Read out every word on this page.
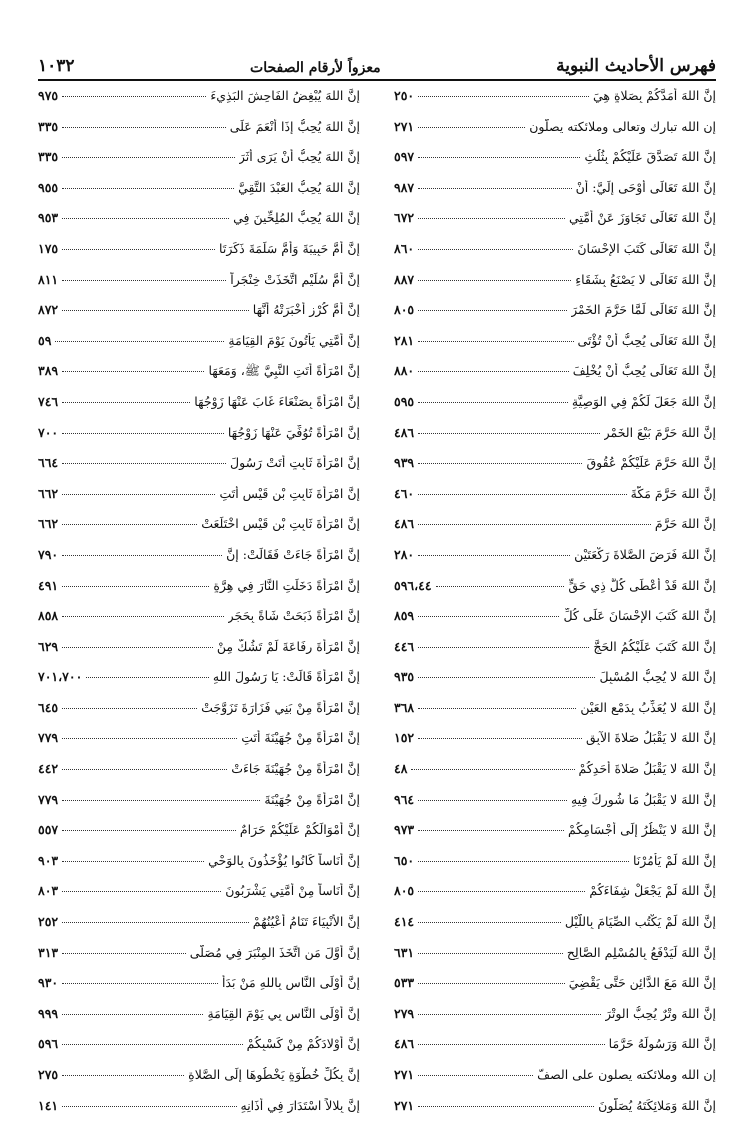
فهرس الأحاديث النبوية
معزواً لأرقام الصفحات
١٠٣٢
إنَّ اللهَ أَمَدَّكُمْ بِصَلاةٍ هِيَ
٢٥٠
إن الله تبارك وتعالى وملائكته يصلُّون
٢٧١
إنَّ اللهَ تَصَدَّقَ عَلَيْكُمْ بِثُلُثِ
٥٩٧
إنَّ اللهَ تَعَالَى أَوْحَى إِلَيَّ: أَنْ
٩٨٧
إنَّ اللهَ تَعَالَى تَجَاوَزَ عَنْ أُمَّتِي
٦٧٢
إنَّ اللهَ تَعَالَى كَتَبَ الإِحْسَانَ
٨٦٠
إنَّ اللهَ تَعَالَى لا يَصْنَعُ بِشَقَاءِ
٨٨٧
إنَّ اللهَ تَعَالَى لَمَّا حَرَّمَ الخَمْرَ
٨٠٥
إنَّ اللهَ تَعَالَى يُحِبُّ أَنْ تُؤْتَى
٢٨١
إنَّ اللهَ تَعَالَى يُحِبُّ أَنْ يُخْلِفَ
٨٨٠
إنَّ اللهَ جَعَلَ لَكُمْ فِي الوَصِيَّةِ
٥٩٥
إنَّ اللهَ حَرَّمَ بَيْعَ الخَمْرِ
٤٨٦
إنَّ اللهَ حَرَّمَ عَلَيْكُمْ عُقُوقَ
٩٣٩
إنَّ اللهَ حَرَّمَ مَكَّةَ
٤٦٠
إنَّ اللهَ حَرَّمَ
٤٨٦
إنَّ اللهَ فَرَضَ الصَّلاةَ رَكْعَتَيْنِ
٢٨٠
إنَّ اللهَ قَدْ أَعْطَى كُلَّ ذِي حَقٍّ
٥٩٦،٤٤
إنَّ اللهَ كَتَبَ الإِحْسَانَ عَلَى كُلِّ
٨٥٩
إنَّ اللهَ كَتَبَ عَلَيْكُمُ الحَجَّ
٤٤٦
إنَّ اللهَ لا يُحِبُّ المُسْبِلَ
٩٣٥
إنَّ اللهَ لا يُعَذِّبُ بِدَمْعِ العَيْنِ
٣٦٨
إنَّ اللهَ لا يَقْبَلُ صَلاةَ الآبِقِ
١٥٢
إنَّ اللهَ لا يَقْبَلُ صَلاةَ أَحَدِكُمْ
٤٨
إنَّ اللهَ لا يَقْبَلُ مَا شُورِكَ فِيهِ
٩٦٤
إنَّ اللهَ لا يَنْظُرُ إِلَى أَجْسَامِكُمْ
٩٧٣
إنَّ اللهَ لَمْ يَأْمُرْنَا
٦٥٠
إنَّ اللهَ لَمْ يَجْعَلْ شِفَاءَكُمْ
٨٠٥
إنَّ اللهَ لَمْ يَكْتُبِ الصِّيَامَ بِاللَّيْلِ
٤١٤
إنَّ اللهَ لَيَدْفَعُ بِالمُسْلِمِ الصَّالِحِ
٦٣١
إنَّ اللهَ مَعَ الدَّائِنِ حَتَّى يَقْضِيَ
٥٣٣
إنَّ اللهَ وِتْرٌ يُحِبُّ الوِتْرَ
٢٧٩
إنَّ اللهَ وَرَسُولَهُ حَرَّمَا
٤٨٦
إن الله وملائكته يصلون على الصفّ
٢٧١
إنَّ اللهَ وَمَلائِكَتَهُ يُصَلُّونَ
٢٧١
إنَّ اللهَ يُبْغِضُ الفَاحِشَ البَذِيءَ
٩٧٥
إنَّ اللهَ يُحِبُّ إِذَا أَنْعَمَ عَلَى
٣٣٥
إنَّ اللهَ يُحِبُّ أَنْ يَرَى أَثَرَ
٣٣٥
إنَّ اللهَ يُحِبُّ العَبْدَ التَّقِيَّ
٩٥٥
إنَّ اللهَ يُحِبُّ المُلِحِّينَ فِي
٩٥٣
إنَّ أُمَّ حَبِيبَةَ وَأُمَّ سَلَمَةَ ذَكَرَتَا
١٧٥
إنَّ أُمَّ سُلَيْمٍ اتَّخَذَتْ خِنْجَراً
٨١١
إنَّ أُمَّ كُرْزٍ أَخْبَرَتْهُ أَنَّهَا
٨٧٢
إنَّ أُمَّتِي يَأْتُونَ يَوْمَ القِيَامَةِ
٥٩
إنَّ امْرَأَةً أَتَتِ النَّبِيَّ ﷺ، وَمَعَهَا
٣٨٩
إنَّ امْرَأَةً بِصَنْعَاءَ غَابَ عَنْهَا زَوْجُهَا
٧٤٦
إنَّ امْرَأَةً تُوُفِّيَ عَنْهَا زَوْجُهَا
٧٠٠
إنَّ امْرَأَةَ ثَابِتٍ أَتَتْ رَسُولَ
٦٦٤
إنَّ امْرَأَةَ ثَابِتِ بْنِ قَيْسٍ أَتَتِ
٦٦٢
إنَّ امْرَأَةَ ثَابِتِ بْنِ قَيْسٍ اخْتَلَعَتْ
٦٦٢
إنَّ امْرَأَةً جَاءَتْ فَقَالَتْ: إِنَّ
٧٩٠
إنَّ امْرَأَةً دَخَلَتِ النَّارَ فِي هِرَّةٍ
٤٩١
إنَّ امْرَأَةً ذَبَحَتْ شَاةً بِحَجَرٍ
٨٥٨
إنَّ امْرَأَةَ رِفَاعَةَ لَمْ تَشُكَّ مِنْ
٦٢٩
إنَّ امْرَأَةً قَالَتْ: يَا رَسُولَ اللهِ
٧٠١،٧٠٠
إنَّ امْرَأَةً مِنْ بَنِي فَزَارَةَ تَزَوَّجَتْ
٦٤٥
إنَّ امْرَأَةً مِنْ جُهَيْنَةَ أَتَتِ
٧٧٩
إنَّ امْرَأَةً مِنْ جُهَيْنَةَ جَاءَتْ
٤٤٢
إنَّ امْرَأَةً مِنْ جُهَيْنَةَ
٧٧٩
إنَّ أَمْوَالَكُمْ عَلَيْكُمْ حَرَامٌ
٥٥٧
إنَّ أُنَاساً كَانُوا يُؤْخَذُونَ بِالوَحْيِ
٩٠٣
إنَّ أُنَاساً مِنْ أُمَّتِي يَشْرَبُونَ
٨٠٣
إنَّ الأَنْبِيَاءَ تَنَامُ أَعْيُنُهُمْ
٢٥٢
إنَّ أَوَّلَ مَنِ اتَّخَذَ المِنْبَرَ فِي مُصَلَّى
٣١٣
إنَّ أَوْلَى النَّاسِ بِاللهِ مَنْ بَدَأَ
٩٣٠
إنَّ أَوْلَى النَّاسِ بِي يَوْمَ القِيَامَةِ
٩٩٩
إنَّ أَوْلادَكُمْ مِنْ كَسْبِكُمْ
٥٩٦
إنَّ بِكُلِّ خُطْوَةٍ يَخْطُوهَا إِلَى الصَّلاةِ
٢٧٥
إنَّ بِلالاً اسْتَدَارَ فِي أَذَانِهِ
١٤١
